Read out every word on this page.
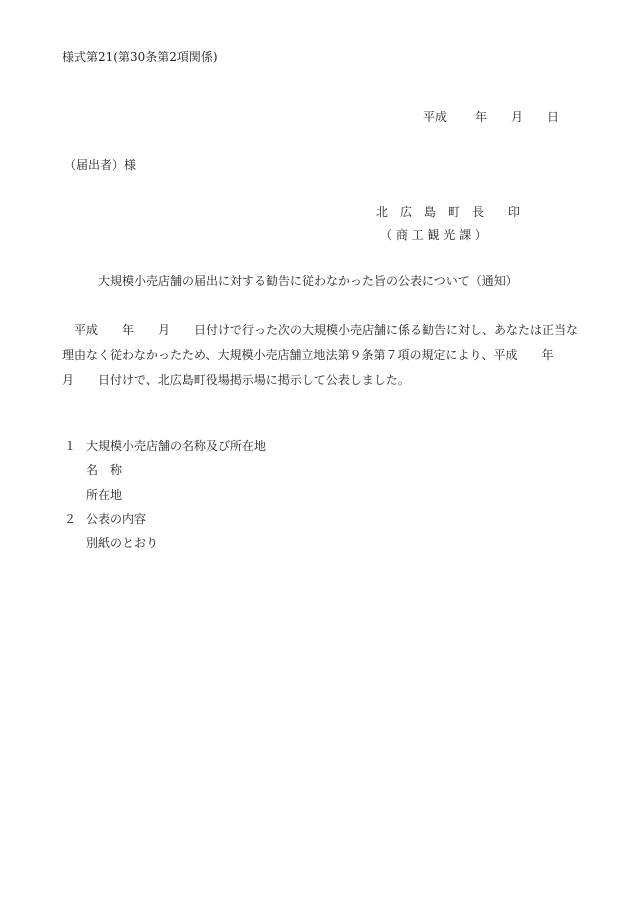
様式第21(第30条第2項関係)
平成 年 月 日
（届出者）様
北　広　島　町　長　　印
（ 商 工 観 光 課 ）
大規模小売店舗の届出に対する勧告に従わなかった旨の公表について（通知）
　平成　　年　　月　　日付けで行った次の大規模小売店舗に係る勧告に対し、あなたは正当な理由なく従わなかったため、大規模小売店舗立地法第９条第７項の規定により、平成　　年　　月　　日付けで、北広島町役場掲示場に掲示して公表しました。
１ 大規模小売店舗の名称及び所在地
名　称
所在地
２ 公表の内容
別紙のとおり
